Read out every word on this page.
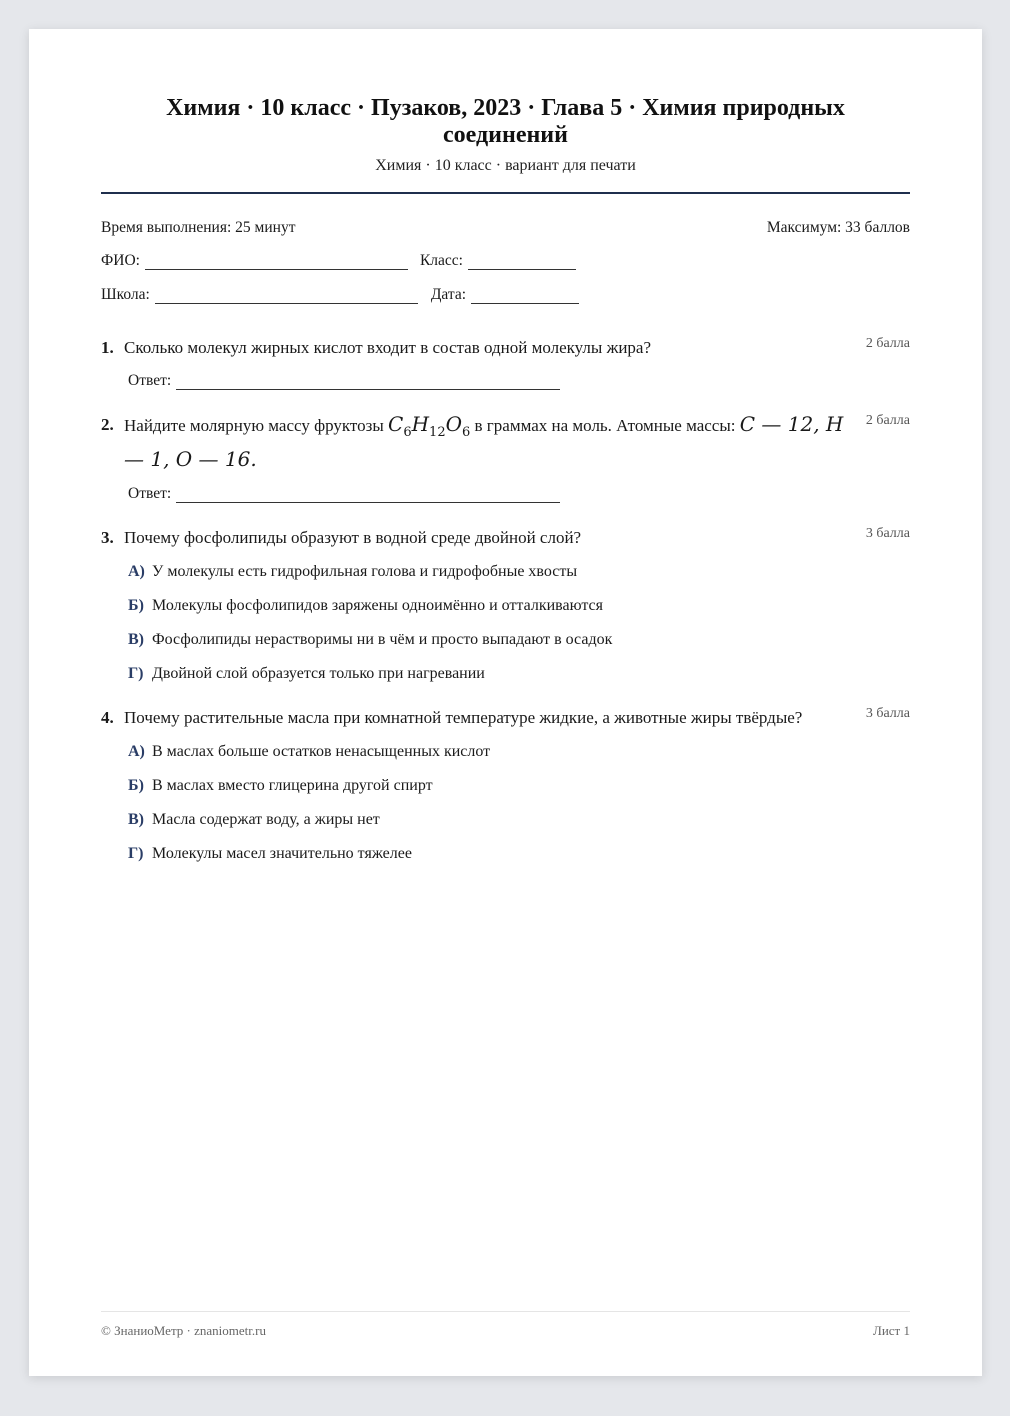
Химия · 10 класс · Пузаков, 2023 · Глава 5 · Химия природных соединений
Химия · 10 класс · вариант для печати
Время выполнения: 25 минут	Максимум: 33 баллов
ФИО:	Класс:
Школа:	Дата:
1. Сколько молекул жирных кислот входит в состав одной молекулы жира?	2 балла
Ответ:
2. Найдите молярную массу фруктозы $C_6H_{12}O_6$ в граммах на моль. Атомные массы: C — 12, H — 1, O — 16.
2 балла
Ответ:
3. Почему фосфолипиды образуют в водной среде двойной слой?	3 балла
А) У молекулы есть гидрофильная голова и гидрофобные хвосты
Б) Молекулы фосфолипидов заряжены одноимённо и отталкиваются
В) Фосфолипиды нерастворимы ни в чём и просто выпадают в осадок
Г) Двойной слой образуется только при нагревании
4. Почему растительные масла при комнатной температуре жидкие, а животные жиры твёрдые?	3 балла
А) В маслах больше остатков ненасыщенных кислот
Б) В маслах вместо глицерина другой спирт
В) Масла содержат воду, а жиры нет
Г) Молекулы масел значительно тяжелее
© ЗнаниоМетр · znaniometr.ru	Лист 1
